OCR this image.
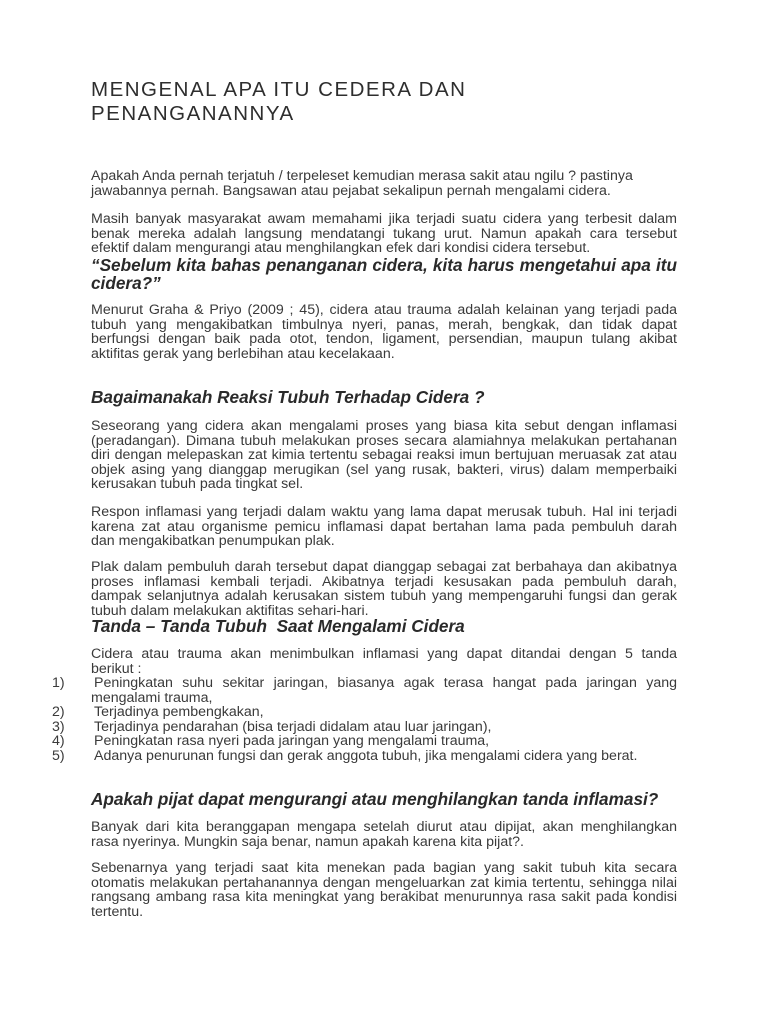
MENGENAL APA ITU CEDERA DAN
PENANGANANNYA
Apakah Anda pernah terjatuh / terpeleset kemudian merasa sakit atau ngilu ? pastinya
jawabannya pernah. Bangsawan atau pejabat sekalipun pernah mengalami cidera.
Masih banyak masyarakat awam memahami jika terjadi suatu cidera yang terbesit dalam
benak mereka adalah langsung mendatangi tukang urut. Namun apakah cara tersebut
efektif dalam mengurangi atau menghilangkan efek dari kondisi cidera tersebut.
“Sebelum kita bahas penanganan cidera, kita harus mengetahui apa itu
cidera?”
Menurut Graha & Priyo (2009 ; 45), cidera atau trauma adalah kelainan yang terjadi pada
tubuh yang mengakibatkan timbulnya nyeri, panas, merah, bengkak, dan tidak dapat
berfungsi dengan baik pada otot, tendon, ligament, persendian, maupun tulang akibat
aktifitas gerak yang berlebihan atau kecelakaan.
Bagaimanakah Reaksi Tubuh Terhadap Cidera ?
Seseorang yang cidera akan mengalami proses yang biasa kita sebut dengan inflamasi
(peradangan). Dimana tubuh melakukan proses secara alamiahnya melakukan pertahanan
diri dengan melepaskan zat kimia tertentu sebagai reaksi imun bertujuan meruasak zat atau
objek asing yang dianggap merugikan (sel yang rusak, bakteri, virus) dalam memperbaiki
kerusakan tubuh pada tingkat sel.
Respon inflamasi yang terjadi dalam waktu yang lama dapat merusak tubuh. Hal ini terjadi
karena zat atau organisme pemicu inflamasi dapat bertahan lama pada pembuluh darah
dan mengakibatkan penumpukan plak.
Plak dalam pembuluh darah tersebut dapat dianggap sebagai zat berbahaya dan akibatnya
proses inflamasi kembali terjadi. Akibatnya terjadi kesusakan pada pembuluh darah,
dampak selanjutnya adalah kerusakan sistem tubuh yang mempengaruhi fungsi dan gerak
tubuh dalam melakukan aktifitas sehari-hari.
Tanda – Tanda Tubuh  Saat Mengalami Cidera
Cidera atau trauma akan menimbulkan inflamasi yang dapat ditandai dengan 5 tanda
berikut :
1) Peningkatan suhu sekitar jaringan, biasanya agak terasa hangat pada jaringan yang
mengalami trauma,
2) Terjadinya pembengkakan,
3) Terjadinya pendarahan (bisa terjadi didalam atau luar jaringan),
4) Peningkatan rasa nyeri pada jaringan yang mengalami trauma,
5) Adanya penurunan fungsi dan gerak anggota tubuh, jika mengalami cidera yang berat.
Apakah pijat dapat mengurangi atau menghilangkan tanda inflamasi?
Banyak dari kita beranggapan mengapa setelah diurut atau dipijat, akan menghilangkan
rasa nyerinya. Mungkin saja benar, namun apakah karena kita pijat?.
Sebenarnya yang terjadi saat kita menekan pada bagian yang sakit tubuh kita secara
otomatis melakukan pertahanannya dengan mengeluarkan zat kimia tertentu, sehingga nilai
rangsang ambang rasa kita meningkat yang berakibat menurunnya rasa sakit pada kondisi
tertentu.
